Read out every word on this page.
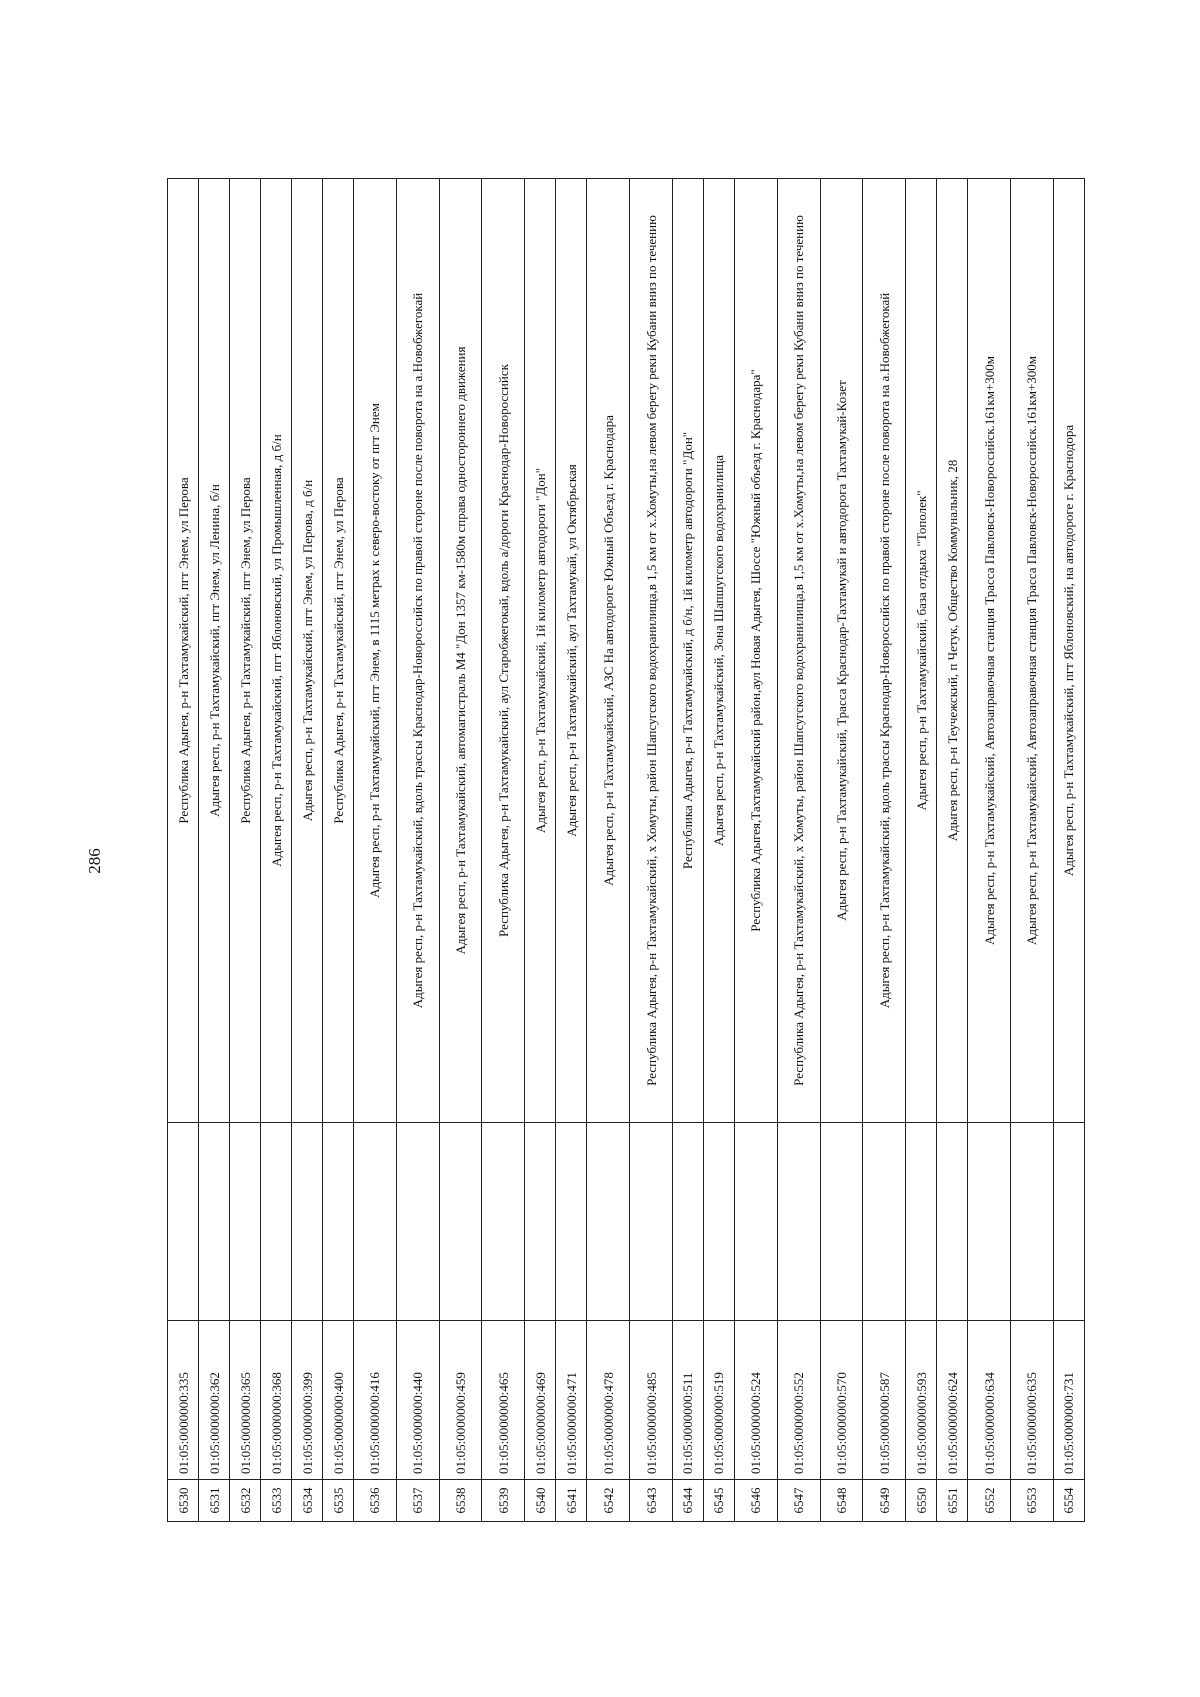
286
6530	01:05:0000000:335		Республика Адыгея, р-н Тахтамукайский, пгт Энем, ул Перова
6531	01:05:0000000:362		Адыгея респ, р-н Тахтамукайский, пгт Энем, ул Ленина, б/н
6532	01:05:0000000:365		Республика Адыгея, р-н Тахтамукайский, пгт Энем, ул Перова
6533	01:05:0000000:368		Адыгея респ, р-н Тахтамукайский, пгт Яблоновский, ул Промышленная, д б/н
6534	01:05:0000000:399		Адыгея респ, р-н Тахтамукайский, пгт Энем, ул Перова, д б/н
6535	01:05:0000000:400		Республика Адыгея, р-н Тахтамукайский, пгт Энем, ул Перова
6536	01:05:0000000:416		Адыгея респ, р-н Тахтамукайский, пгт Энем, в 1115 метрах к северо-востоку от пгт Энем
6537	01:05:0000000:440		Адыгея респ, р-н Тахтамукайский, вдоль трассы Краснодар-Новороссийск по правой стороне после поворота на а.Новобжегокай
6538	01:05:0000000:459		Адыгея респ, р-н Тахтамукайский, автомагистраль М4 "Дон 1357 км-1580м справа одностороннего движения
6539	01:05:0000000:465		Республика Адыгея, р-н Тахтамукайский, аул Старобжегокай, вдоль а/дороги Краснодар-Новороссийск
6540	01:05:0000000:469		Адыгея респ, р-н Тахтамукайский, 1й километр автодороги "Дон"
6541	01:05:0000000:471		Адыгея респ, р-н Тахтамукайский, аул Тахтамукай, ул Октябрьская
6542	01:05:0000000:478		Адыгея респ, р-н Тахтамукайский, АЗС На автодороге Южный Объезд г. Краснодара
6543	01:05:0000000:485		Республика Адыгея, р-н Тахтамукайский, х Хомуты, район Шапсугского водохранилища,в 1,5 км от х.Хомуты,на левом берегу реки Кубани вниз по течению
6544	01:05:0000000:511		Республика Адыгея, р-н Тахтамукайский, д б/н, 1й километр автодороги "Дон"
6545	01:05:0000000:519		Адыгея респ, р-н Тахтамукайский, Зона Шапшугского водохранилища
6546	01:05:0000000:524		Республика Адыгея,Тахтамукайский район,аул Новая Адыгея, Шоссе "Южный объезд г. Краснодара"
6547	01:05:0000000:552		Республика Адыгея, р-н Тахтамукайский, х Хомуты, район Шапсугского водохранилища,в 1,5 км от х.Хомуты,на левом берегу реки Кубани вниз по течению
6548	01:05:0000000:570		Адыгея респ, р-н Тахтамукайский, Трасса Краснодар-Тахтамукай и автодорога Тахтамукай-Козет
6549	01:05:0000000:587		Адыгея респ, р-н Тахтамукайский, вдоль трассы Краснодар-Новороссийск по правой стороне после поворота на а.Новобжегокай
6550	01:05:0000000:593		Адыгея респ, р-н Тахтамукайский, база отдыха "Тополек"
6551	01:05:0000000:624		Адыгея респ, р-н Теучежский, п Четук, Общество Коммунальник, 28
6552	01:05:0000000:634		Адыгея респ, р-н Тахтамукайский, Автозаправочная станция Трасса Павловск-Новороссийск.161км+300м
6553	01:05:0000000:635		Адыгея респ, р-н Тахтамукайский, Автозаправочная станция Трасса Павловск-Новороссийск.161км+300м
6554	01:05:0000000:731		Адыгея респ, р-н Тахтамукайский, пгт Яблоновский, на автодороге г. Краснодора
